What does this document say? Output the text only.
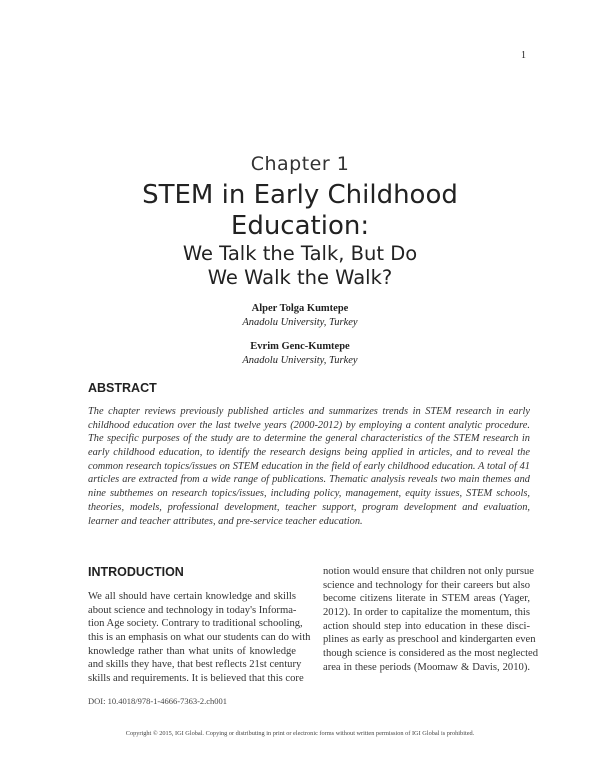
1
Chapter 1
STEM in Early Childhood
Education:
We Talk the Talk, But Do
We Walk the Walk?
Alper Tolga Kumtepe
Anadolu University, Turkey
Evrim Genc-Kumtepe
Anadolu University, Turkey
ABSTRACT
The chapter reviews previously published articles and summarizes trends in STEM research in early
childhood education over the last twelve years (2000-2012) by employing a content analytic procedure.
The specific purposes of the study are to determine the general characteristics of the STEM research in
early childhood education, to identify the research designs being applied in articles, and to reveal the
common research topics/issues on STEM education in the field of early childhood education. A total of 41
articles are extracted from a wide range of publications. Thematic analysis reveals two main themes and
nine subthemes on research topics/issues, including policy, management, equity issues, STEM schools,
theories, models, professional development, teacher support, program development and evaluation,
learner and teacher attributes, and pre-service teacher education.
INTRODUCTION
We all should have certain knowledge and skills
about science and technology in today's Informa-
tion Age society. Contrary to traditional schooling,
this is an emphasis on what our students can do with
knowledge rather than what units of knowledge
and skills they have, that best reflects 21st century
skills and requirements. It is believed that this core
notion would ensure that children not only pursue
science and technology for their careers but also
become citizens literate in STEM areas (Yager,
2012). In order to capitalize the momentum, this
action should step into education in these disci-
plines as early as preschool and kindergarten even
though science is considered as the most neglected
area in these periods (Moomaw & Davis, 2010).
DOI: 10.4018/978-1-4666-7363-2.ch001
Copyright © 2015, IGI Global. Copying or distributing in print or electronic forms without written permission of IGI Global is prohibited.
